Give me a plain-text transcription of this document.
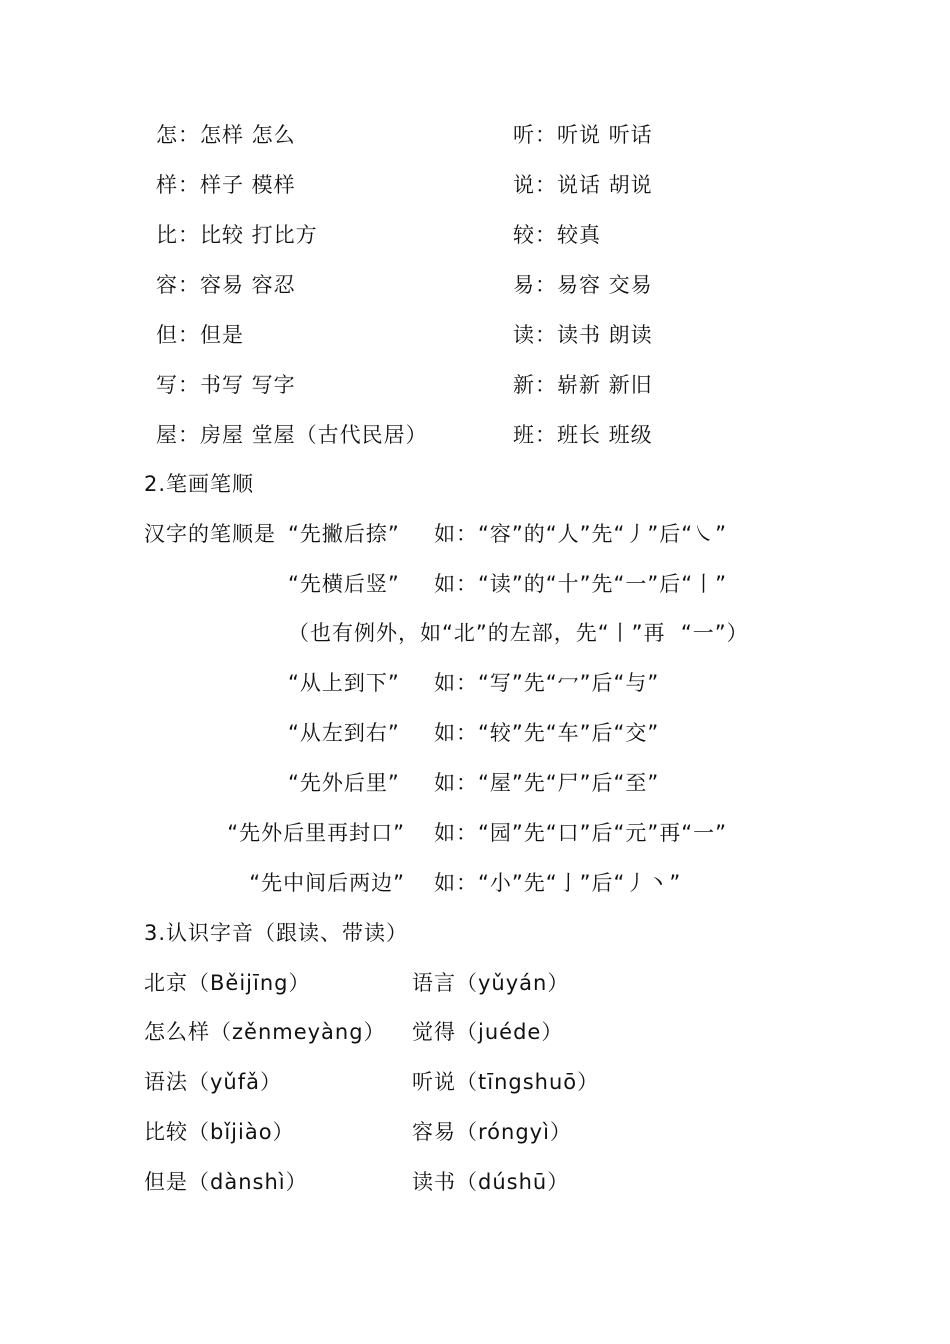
怎：怎样 怎么	听：听说 听话
样：样子 模样	说：说话 胡说
比：比较 打比方	较：较真
容：容易 容忍	易：易容 交易
但：但是	读：读书 朗读
写：书写 写字	新：崭新 新旧
屋：房屋 堂屋（古代民居）	班：班长 班级
2.笔画笔顺
汉字的笔顺是 “先撇后捺” 如：“容”的“人”先“丿”后“㇏”
“先横后竖” 如：“读”的“十”先“一”后“丨”
（也有例外，如“北”的左部，先“丨”再  “一”）
“从上到下” 如：“写”先“冖”后“与”
“从左到右” 如：“较”先“车”后“交”
“先外后里” 如：“屋”先“尸”后“至”
“先外后里再封口” 如：“园”先“口”后“元”再“一”
“先中间后两边” 如：“小”先“亅”后“丿丶”
3.认识字音（跟读、带读）
北京（Běijīng）	语言（yǔyán）
怎么样（zěnmeyàng） 觉得（juéde）
语法（yǔfǎ）	听说（tīngshuō）
比较（bǐjiào）	容易（róngyì）
但是（dànshì）	读书（dúshū）
